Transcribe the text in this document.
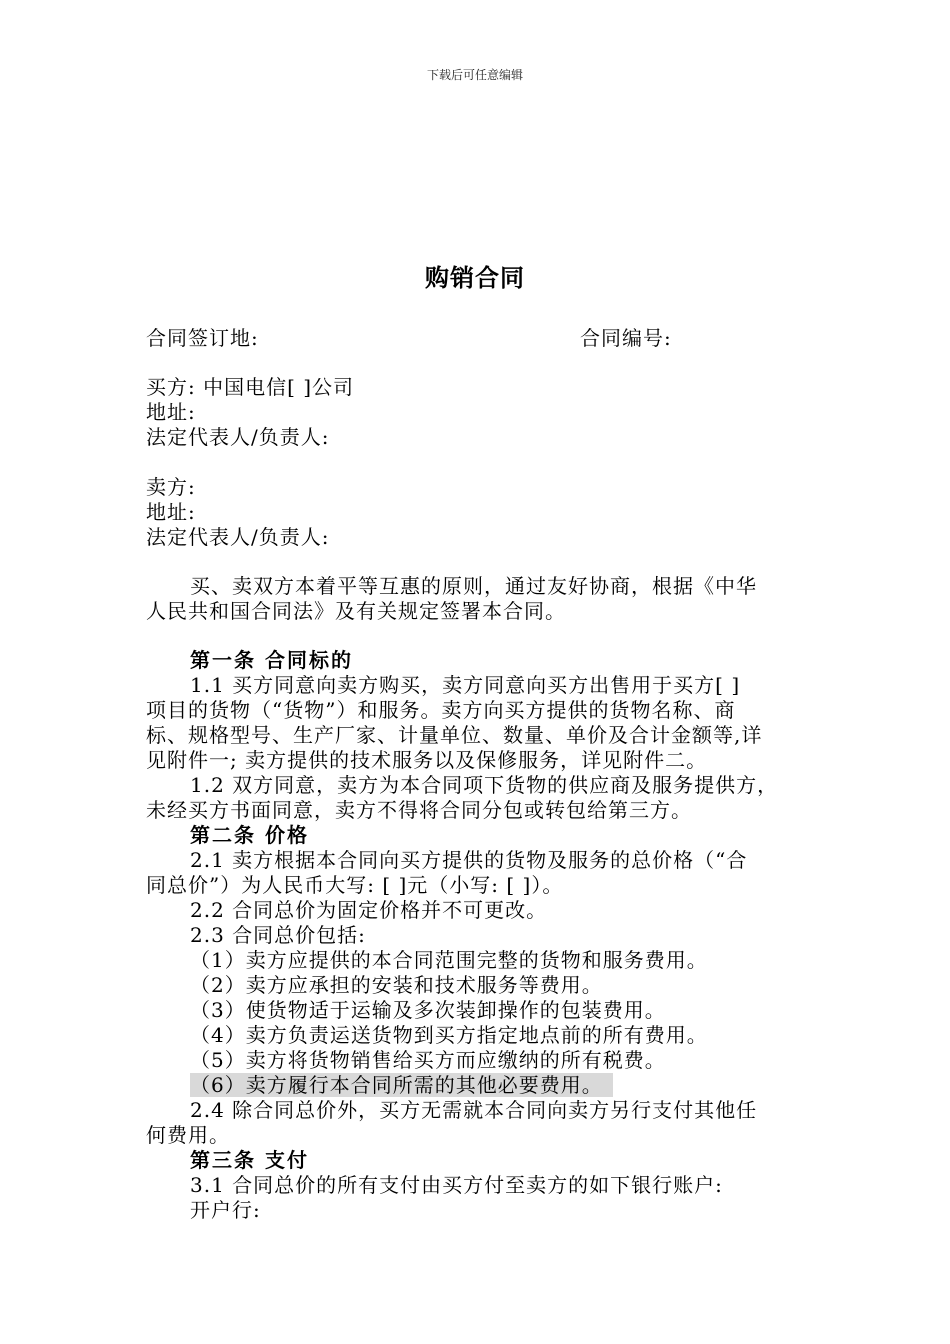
下载后可任意编辑
购销合同
合同签订地:	合同编号:
买方: 中国电信[ ]公司
地址:
法定代表人/负责人:
卖方:
地址:
法定代表人/负责人:
买、卖双方本着平等互惠的原则，通过友好协商，根据《中华
人民共和国合同法》及有关规定签署本合同。
第一条 合同标的
1.1 买方同意向卖方购买，卖方同意向买方出售用于买方[ ]
项目的货物（“货物”）和服务。卖方向买方提供的货物名称、商
标、规格型号、生产厂家、计量单位、数量、单价及合计金额等,详
见附件一; 卖方提供的技术服务以及保修服务，详见附件二。
1.2 双方同意，卖方为本合同项下货物的供应商及服务提供方，
未经买方书面同意，卖方不得将合同分包或转包给第三方。
第二条 价格
2.1 卖方根据本合同向买方提供的货物及服务的总价格（“合
同总价”）为人民币大写: [ ]元（小写: [ ]）。
2.2 合同总价为固定价格并不可更改。
2.3 合同总价包括:
（1）卖方应提供的本合同范围完整的货物和服务费用。
（2）卖方应承担的安装和技术服务等费用。
（3）使货物适于运输及多次装卸操作的包装费用。
（4）卖方负责运送货物到买方指定地点前的所有费用。
（5）卖方将货物销售给买方而应缴纳的所有税费。
（6）卖方履行本合同所需的其他必要费用。
2.4 除合同总价外，买方无需就本合同向卖方另行支付其他任
何费用。
第三条 支付
3.1 合同总价的所有支付由买方付至卖方的如下银行账户:
开户行:
